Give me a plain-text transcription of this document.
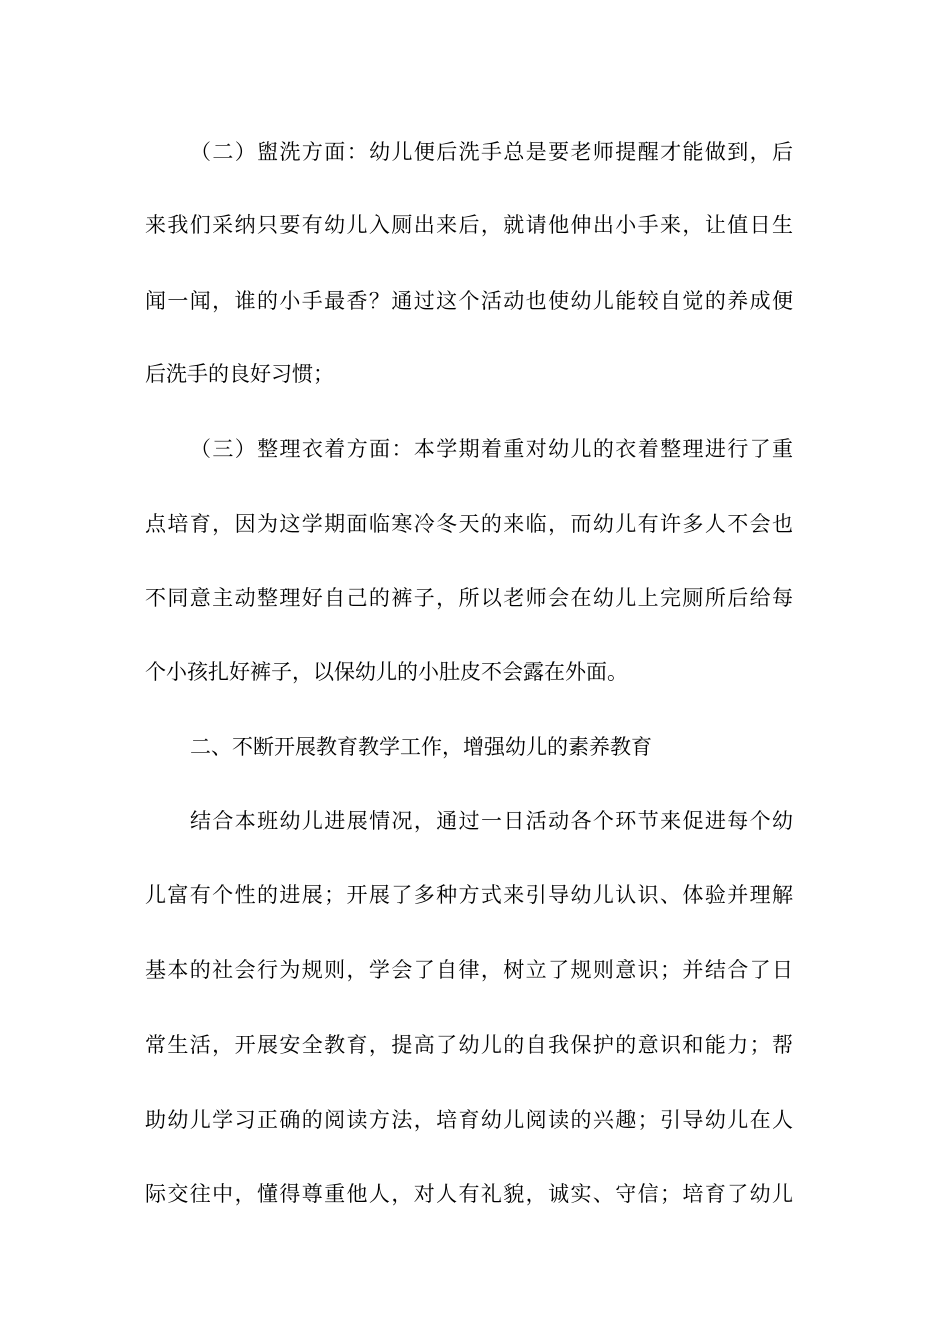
（二）盥洗方面：幼儿便后洗手总是要老师提醒才能做到，后
来我们采纳只要有幼儿入厕出来后，就请他伸出小手来，让值日生
闻一闻，谁的小手最香？通过这个活动也使幼儿能较自觉的养成便
后洗手的良好习惯；
（三）整理衣着方面：本学期着重对幼儿的衣着整理进行了重
点培育，因为这学期面临寒冷冬天的来临，而幼儿有许多人不会也
不同意主动整理好自己的裤子，所以老师会在幼儿上完厕所后给每
个小孩扎好裤子，以保幼儿的小肚皮不会露在外面。
二、不断开展教育教学工作，增强幼儿的素养教育
结合本班幼儿进展情况，通过一日活动各个环节来促进每个幼
儿富有个性的进展；开展了多种方式来引导幼儿认识、体验并理解
基本的社会行为规则，学会了自律，树立了规则意识；并结合了日
常生活，开展安全教育，提高了幼儿的自我保护的意识和能力；帮
助幼儿学习正确的阅读方法，培育幼儿阅读的兴趣；引导幼儿在人
际交往中，懂得尊重他人，对人有礼貌，诚实、守信；培育了幼儿
